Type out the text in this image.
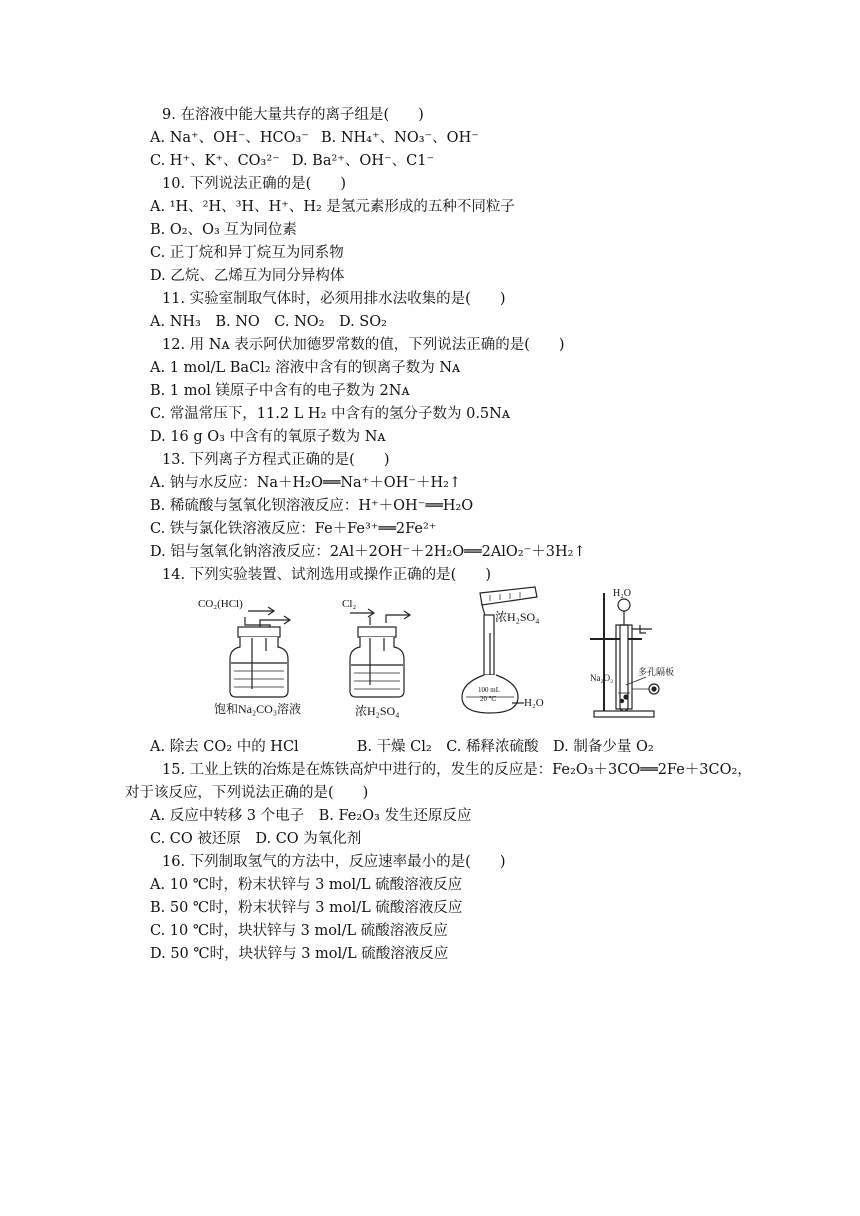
9. 在溶液中能大量共存的离子组是(　　)
A. Na⁺、OH⁻、HCO₃⁻ B. NH₄⁺、NO₃⁻、OH⁻
C. H⁺、K⁺、CO₃²⁻ D. Ba²⁺、OH⁻、C1⁻
10. 下列说法正确的是(　　)
A. ¹H、²H、³H、H⁺、H₂ 是氢元素形成的五种不同粒子
B. O₂、O₃ 互为同位素
C. 正丁烷和异丁烷互为同系物
D. 乙烷、乙烯互为同分异构体
11. 实验室制取气体时，必须用排水法收集的是(　　)
A. NH₃　B. NO　C. NO₂　D. SO₂
12. 用 Nᴀ 表示阿伏加德罗常数的值，下列说法正确的是(　　)
A. 1 mol/L BaCl₂ 溶液中含有的钡离子数为 Nᴀ
B. 1 mol 镁原子中含有的电子数为 2Nᴀ
C. 常温常压下，11.2 L H₂ 中含有的氢分子数为 0.5Nᴀ
D. 16 g O₃ 中含有的氧原子数为 Nᴀ
13. 下列离子方程式正确的是(　　)
A. 钠与水反应：Na＋H₂O══Na⁺＋OH⁻＋H₂↑
B. 稀硫酸与氢氧化钡溶液反应：H⁺＋OH⁻══H₂O
C. 铁与氯化铁溶液反应：Fe＋Fe³⁺══2Fe²⁺
D. 铝与氢氧化钠溶液反应：2Al＋2OH⁻＋2H₂O══2AlO₂⁻＋3H₂↑
14. 下列实验装置、试剂选用或操作正确的是(　　)
CO₂(HCl)
饱和Na₂CO₃溶液
Cl₂
浓H₂SO₄
浓H₂SO₄
100 mL
20 ℃ H₂O
H₂O
Na₂O₂
多孔隔板
A. 除去 CO₂ 中的 HCl　　　　B. 干燥 Cl₂　C. 稀释浓硫酸　D. 制备少量 O₂
15. 工业上铁的冶炼是在炼铁高炉中进行的，发生的反应是：Fe₂O₃＋3CO══2Fe＋3CO₂，
对于该反应，下列说法正确的是(　　)
A. 反应中转移 3 个电子　B. Fe₂O₃ 发生还原反应
C. CO 被还原　D. CO 为氧化剂
16. 下列制取氢气的方法中，反应速率最小的是(　　)
A. 10 ℃时，粉末状锌与 3 mol/L 硫酸溶液反应
B. 50 ℃时，粉末状锌与 3 mol/L 硫酸溶液反应
C. 10 ℃时，块状锌与 3 mol/L 硫酸溶液反应
D. 50 ℃时，块状锌与 3 mol/L 硫酸溶液反应
